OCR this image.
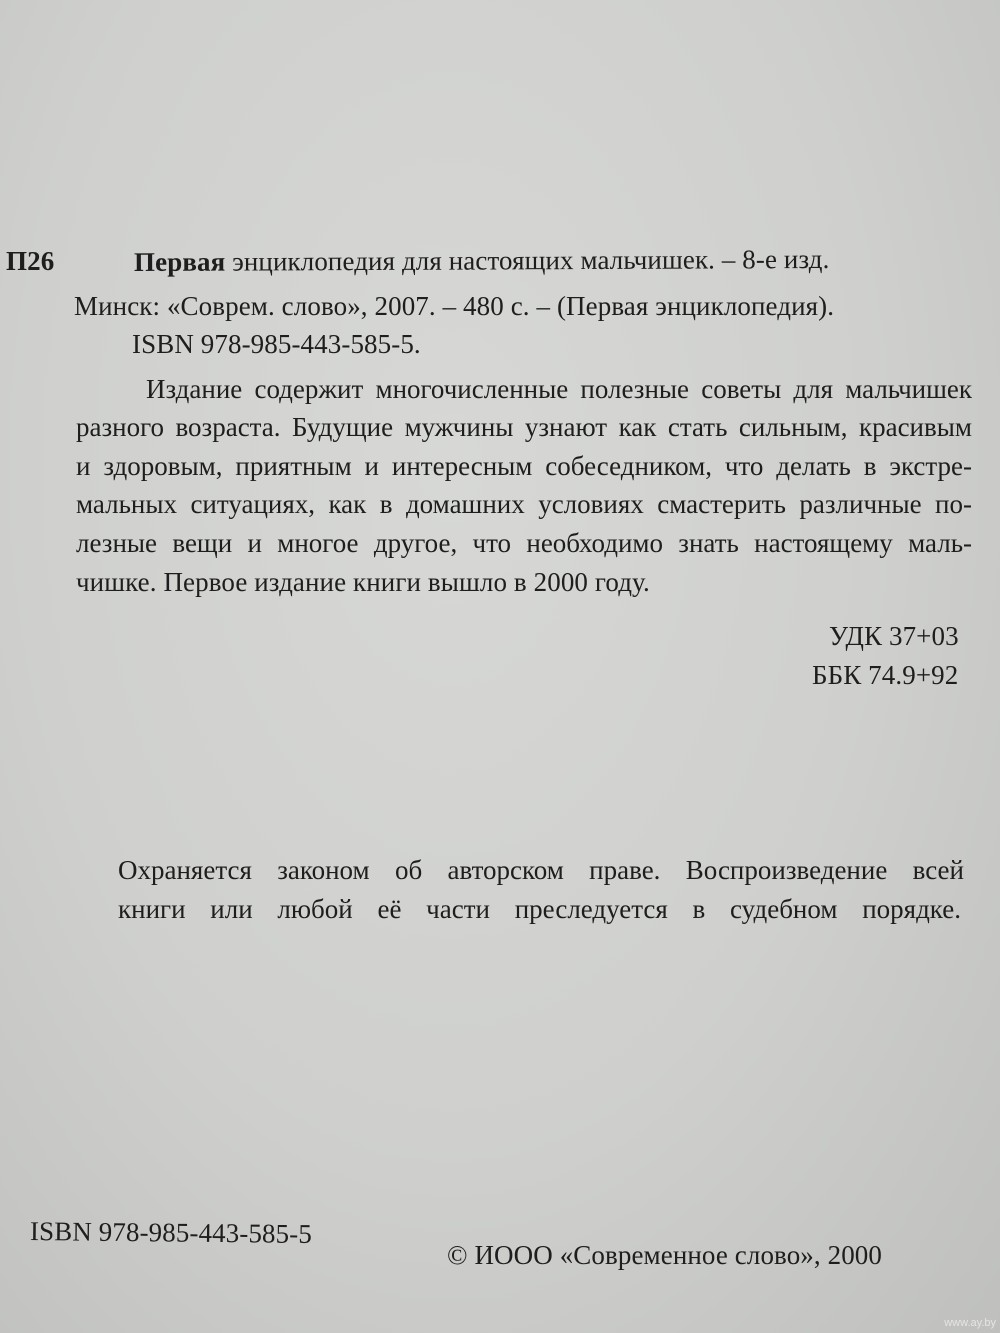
П26	Первая энциклопедия для настоящих мальчишек. – 8-е изд.
Минск: «Соврем. слово», 2007. – 480 с. – (Первая энциклопедия).
ISBN 978-985-443-585-5.
Издание содержит многочисленные полезные советы для мальчишек
разного возраста. Будущие мужчины узнают как стать сильным, красивым
и здоровым, приятным и интересным собеседником, что делать в экстре-
мальных ситуациях, как в домашних условиях смастерить различные по-
лезные вещи и многое другое, что необходимо знать настоящему маль-
чишке. Первое издание книги вышло в 2000 году.
УДК 37+03
ББК 74.9+92
Охраняется законом об авторском праве. Воспроизведение всей
книги или любой её части преследуется в судебном порядке.
ISBN 978-985-443-585-5
© ИООО «Современное слово», 2000
www.ay.by
